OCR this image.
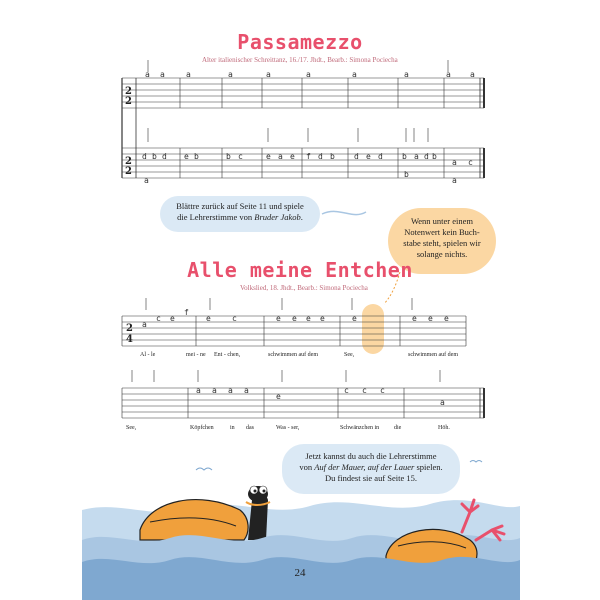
Passamezzo
Alter italienischer Schreittanz, 16./17. Jhdt., Bearb.: Simona Pociecha
2
2
2
2
a a	a	a	a	a	a	a	a a
d b d e b	b c	e a e f d b d e d b a d b
a c
a
b
a
Blättre zurück auf Seite 11 und spiele
die Lehrerstimme von Bruder Jakob.	Wenn unter einem
Notenwert kein Buch-
stabe steht, spielen wir
solange nichts.
Alle meine Entchen
Volkslied, 18. Jhdt., Bearb.: Simona Pociecha
2
4
a
c e
f
e	c	e e e e	e	e e e
a a a a
e
c c c
a
Al - le	mei - ne Ent - chen,	schwimmen auf dem	See,	schwimmen auf dem
See,	Köpfchen	in das	Was - ser,	Schwänzchen in die	Höh.
Jetzt kannst du auch die Lehrerstimme
von Auf der Mauer, auf der Lauer spielen.
Du findest sie auf Seite 15.
24
